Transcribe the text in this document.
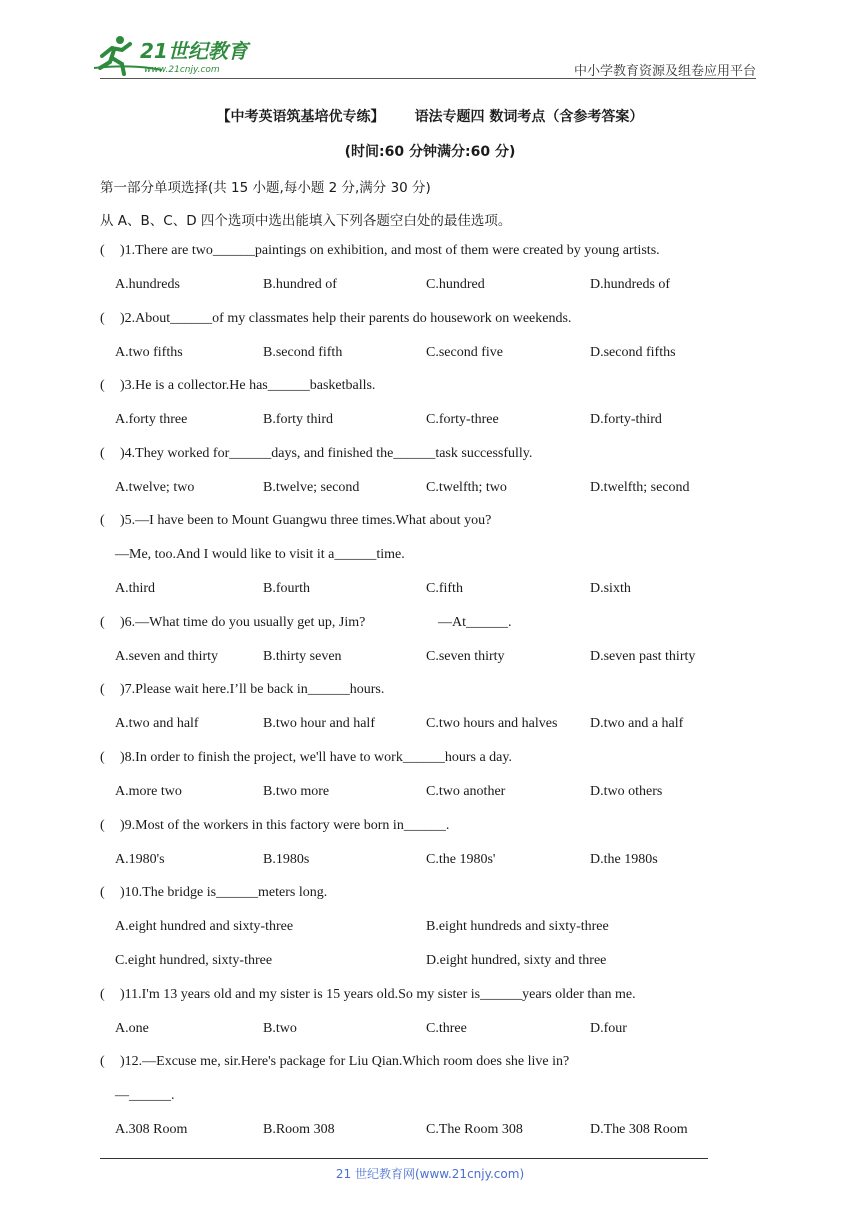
21世纪教育
www.21cnjy.com	中小学教育资源及组卷应用平台
【中考英语筑基培优专练】 语法专题四 数词考点（含参考答案）
(时间:60 分钟满分:60 分)
第一部分单项选择(共 15 小题,每小题 2 分,满分 30 分)
从 A、B、C、D 四个选项中选出能填入下列各题空白处的最佳选项。
( )1.There are two______paintings on exhibition, and most of them were created by young artists.
A.hundreds	B.hundred of	C.hundred	D.hundreds of
( )2.About______of my classmates help their parents do housework on weekends.
A.two fifths	B.second fifth	C.second five	D.second fifths
( )3.He is a collector.He has______basketballs.
A.forty three	B.forty third	C.forty-three	D.forty-third
( )4.They worked for______days, and finished the______task successfully.
A.twelve; two	B.twelve; second	C.twelfth; two	D.twelfth; second
( )5.—I have been to Mount Guangwu three times.What about you?
—Me, too.And I would like to visit it a______time.
A.third	B.fourth	C.fifth	D.sixth
( )6.—What time do you usually get up, Jim?	—At______.
A.seven and thirty	B.thirty seven	C.seven thirty	D.seven past thirty
( )7.Please wait here.I’ll be back in______hours.
A.two and half	B.two hour and half	C.two hours and halves D.two and a half
( )8.In order to finish the project, we'll have to work______hours a day.
A.more two	B.two more	C.two another	D.two others
( )9.Most of the workers in this factory were born in______.
A.1980's	B.1980s	C.the 1980s'	D.the 1980s
( )10.The bridge is______meters long.
A.eight hundred and sixty-three	B.eight hundreds and sixty-three
C.eight hundred, sixty-three	D.eight hundred, sixty and three
( )11.I'm 13 years old and my sister is 15 years old.So my sister is______years older than me.
A.one	B.two	C.three	D.four
( )12.—Excuse me, sir.Here's package for Liu Qian.Which room does she live in?
—______.
A.308 Room	B.Room 308	C.The Room 308	D.The 308 Room
21 世纪教育网(www.21cnjy.com)
